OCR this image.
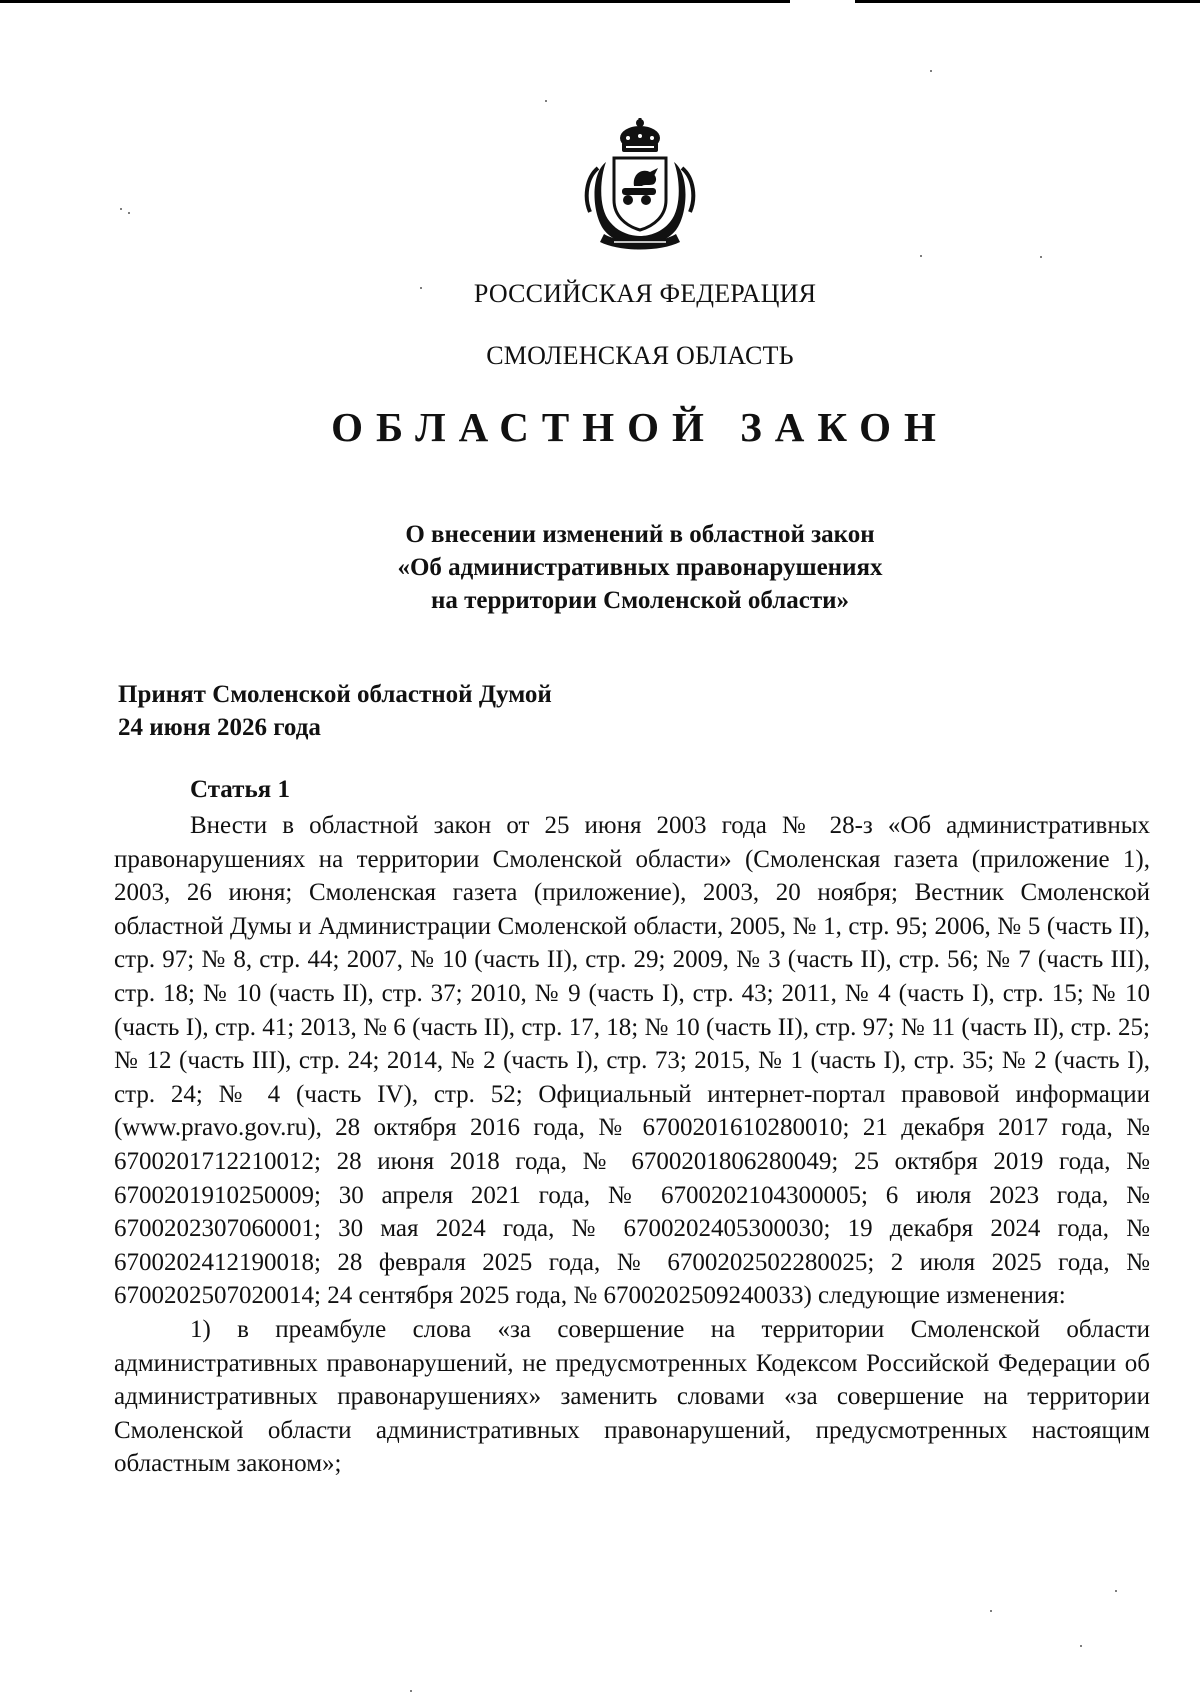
РОССИЙСКАЯ ФЕДЕРАЦИЯ
СМОЛЕНСКАЯ ОБЛАСТЬ
ОБЛАСТНОЙ ЗАКОН
О внесении изменений в областной закон
«Об административных правонарушениях
на территории Смоленской области»
Принят Смоленской областной Думой
24 июня 2026 года
Статья 1

Внести в областной закон от 25 июня 2003 года № 28-з «Об административных правонарушениях на территории Смоленской области» (Смоленская газета (приложение 1), 2003, 26 июня; Смоленская газета (приложение), 2003, 20 ноября; Вестник Смоленской областной Думы и Администрации Смоленской области, 2005, № 1, стр. 95; 2006, № 5 (часть II), стр. 97; № 8, стр. 44; 2007, № 10 (часть II), стр. 29; 2009, № 3 (часть II), стр. 56; № 7 (часть III), стр. 18; № 10 (часть II), стр. 37; 2010, № 9 (часть I), стр. 43; 2011, № 4 (часть I), стр. 15; № 10 (часть I), стр. 41; 2013, № 6 (часть II), стр. 17, 18; № 10 (часть II), стр. 97; № 11 (часть II), стр. 25; № 12 (часть III), стр. 24; 2014, № 2 (часть I), стр. 73; 2015, № 1 (часть I), стр. 35; № 2 (часть I), стр. 24; № 4 (часть IV), стр. 52; Официальный интернет-портал правовой информации (www.pravo.gov.ru), 28 октября 2016 года, № 6700201610280010; 21 декабря 2017 года, № 6700201712210012; 28 июня 2018 года, № 6700201806280049; 25 октября 2019 года, № 6700201910250009; 30 апреля 2021 года, № 6700202104300005; 6 июля 2023 года, № 6700202307060001; 30 мая 2024 года, № 6700202405300030; 19 декабря 2024 года, № 6700202412190018; 28 февраля 2025 года, № 6700202502280025; 2 июля 2025 года, № 6700202507020014; 24 сентября 2025 года, № 6700202509240033) следующие изменения:

1) в преамбуле слова «за совершение на территории Смоленской области административных правонарушений, не предусмотренных Кодексом Российской Федерации об административных правонарушениях» заменить словами «за совершение на территории Смоленской области административных правонарушений, предусмотренных настоящим областным законом»;
